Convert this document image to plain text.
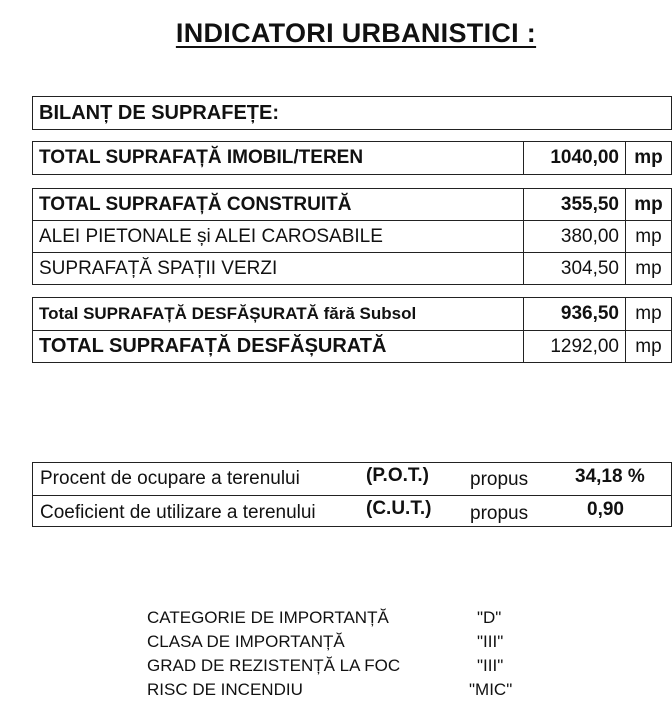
INDICATORI URBANISTICI :
BILANȚ DE SUPRAFEȚE:
TOTAL SUPRAFAȚĂ IMOBIL/TEREN	1040,00 mp
TOTAL SUPRAFAȚĂ CONSTRUITĂ	355,50 mp
ALEI PIETONALE și ALEI CAROSABILE	380,00 mp
SUPRAFAȚĂ SPAȚII VERZI	304,50 mp
Total SUPRAFAȚĂ DESFĂȘURATĂ fără Subsol	936,50 mp
TOTAL SUPRAFAȚĂ DESFĂȘURATĂ	1292,00 mp
Procent de ocupare a terenului	(P.O.T.) propus 34,18 %
Coeficient de utilizare a terenului	(C.U.T.) propus	0,90
CATEGORIE DE IMPORTANȚĂ	"D"
CLASA DE IMPORTANȚĂ	"III"
GRAD DE REZISTENȚĂ LA FOC	"III"
RISC DE INCENDIU	"MIC"
